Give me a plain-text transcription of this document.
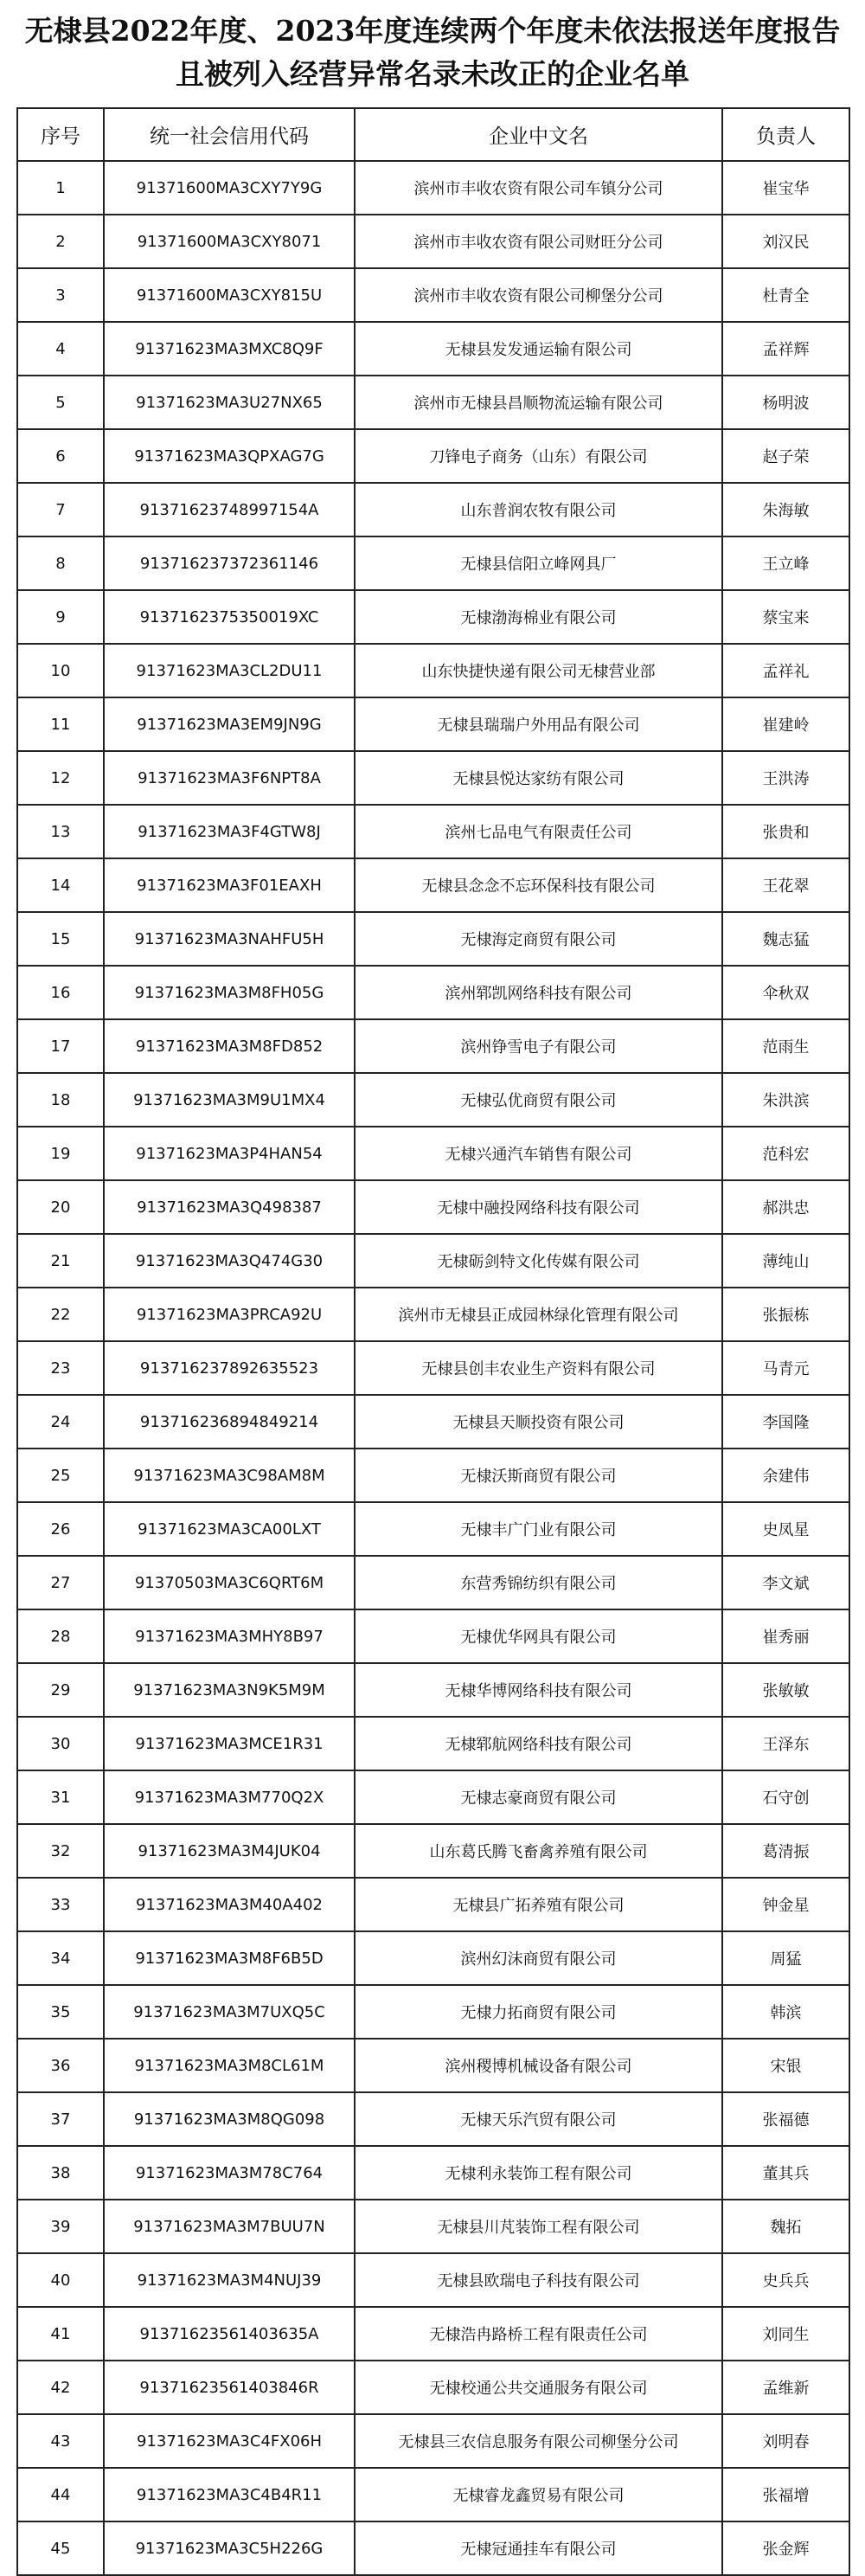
无棣县2022年度、2023年度连续两个年度未依法报送年度报告且被列入经营异常名录未改正的企业名单
序号	统一社会信用代码	企业中文名	负责人
1	91371600MA3CXY7Y9G	滨州市丰收农资有限公司车镇分公司	崔宝华
2	91371600MA3CXY8071	滨州市丰收农资有限公司财旺分公司	刘汉民
3	91371600MA3CXY815U	滨州市丰收农资有限公司柳堡分公司	杜青全
4	91371623MA3MXC8Q9F	无棣县发发通运输有限公司	孟祥辉
5	91371623MA3U27NX65	滨州市无棣县昌顺物流运输有限公司	杨明波
6	91371623MA3QPXAG7G	刀锋电子商务（山东）有限公司	赵子荣
7	91371623748997154A	山东普润农牧有限公司	朱海敏
8	913716237372361146	无棣县信阳立峰网具厂	王立峰
9	9137162375350019XC	无棣渤海棉业有限公司	蔡宝来
10	91371623MA3CL2DU11	山东快捷快递有限公司无棣营业部	孟祥礼
11	91371623MA3EM9JN9G	无棣县瑞瑞户外用品有限公司	崔建岭
12	91371623MA3F6NPT8A	无棣县悦达家纺有限公司	王洪涛
13	91371623MA3F4GTW8J	滨州七品电气有限责任公司	张贵和
14	91371623MA3F01EAXH	无棣县念念不忘环保科技有限公司	王花翠
15	91371623MA3NAHFU5H	无棣海定商贸有限公司	魏志猛
16	91371623MA3M8FH05G	滨州郓凯网络科技有限公司	伞秋双
17	91371623MA3M8FD852	滨州铮雪电子有限公司	范雨生
18	91371623MA3M9U1MX4	无棣弘优商贸有限公司	朱洪滨
19	91371623MA3P4HAN54	无棣兴通汽车销售有限公司	范科宏
20	91371623MA3Q498387	无棣中融投网络科技有限公司	郝洪忠
21	91371623MA3Q474G30	无棣砺剑特文化传媒有限公司	薄纯山
22	91371623MA3PRCA92U	滨州市无棣县正成园林绿化管理有限公司	张振栋
23	913716237892635523	无棣县创丰农业生产资料有限公司	马青元
24	913716236894849214	无棣县天顺投资有限公司	李国隆
25	91371623MA3C98AM8M	无棣沃斯商贸有限公司	余建伟
26	91371623MA3CA00LXT	无棣丰广门业有限公司	史凤星
27	91370503MA3C6QRT6M	东营秀锦纺织有限公司	李文斌
28	91371623MA3MHY8B97	无棣优华网具有限公司	崔秀丽
29	91371623MA3N9K5M9M	无棣华博网络科技有限公司	张敏敏
30	91371623MA3MCE1R31	无棣郓航网络科技有限公司	王泽东
31	91371623MA3M770Q2X	无棣志豪商贸有限公司	石守创
32	91371623MA3M4JUK04	山东葛氏腾飞畜禽养殖有限公司	葛清振
33	91371623MA3M40A402	无棣县广拓养殖有限公司	钟金星
34	91371623MA3M8F6B5D	滨州幻沫商贸有限公司	周猛
35	91371623MA3M7UXQ5C	无棣力拓商贸有限公司	韩滨
36	91371623MA3M8CL61M	滨州稷博机械设备有限公司	宋银
37	91371623MA3M8QG098	无棣天乐汽贸有限公司	张福德
38	91371623MA3M78C764	无棣利永装饰工程有限公司	董其兵
39	91371623MA3M7BUU7N	无棣县川芃装饰工程有限公司	魏拓
40	91371623MA3M4NUJ39	无棣县欧瑞电子科技有限公司	史兵兵
41	91371623561403635A	无棣浩冉路桥工程有限责任公司	刘同生
42	91371623561403846R	无棣校通公共交通服务有限公司	孟维新
43	91371623MA3C4FX06H	无棣县三农信息服务有限公司柳堡分公司	刘明春
44	91371623MA3C4B4R11	无棣睿龙鑫贸易有限公司	张福增
45	91371623MA3C5H226G	无棣冠通挂车有限公司	张金辉
